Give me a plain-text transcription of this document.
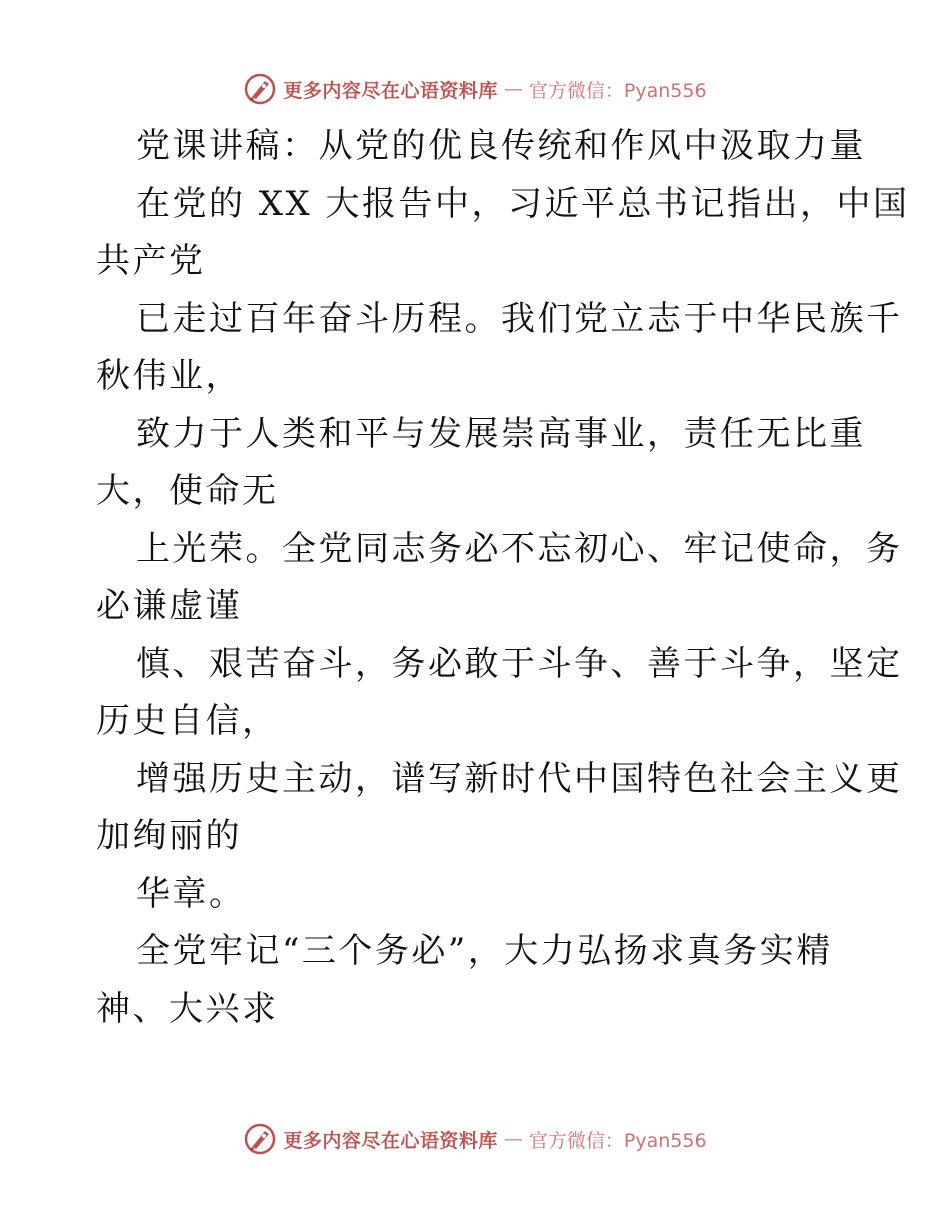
更多内容尽在心语资料库 — 官方微信：Pyan556
党课讲稿：从党的优良传统和作风中汲取力量
在党的 XX 大报告中，习近平总书记指出，中国
共产党
已走过百年奋斗历程。我们党立志于中华民族千
秋伟业，
致力于人类和平与发展崇高事业，责任无比重
大，使命无
上光荣。全党同志务必不忘初心、牢记使命，务
必谦虚谨
慎、艰苦奋斗，务必敢于斗争、善于斗争，坚定
历史自信，
增强历史主动，谱写新时代中国特色社会主义更
加绚丽的
华章。
全党牢记“三个务必”，大力弘扬求真务实精
神、大兴求
更多内容尽在心语资料库 — 官方微信：Pyan556
